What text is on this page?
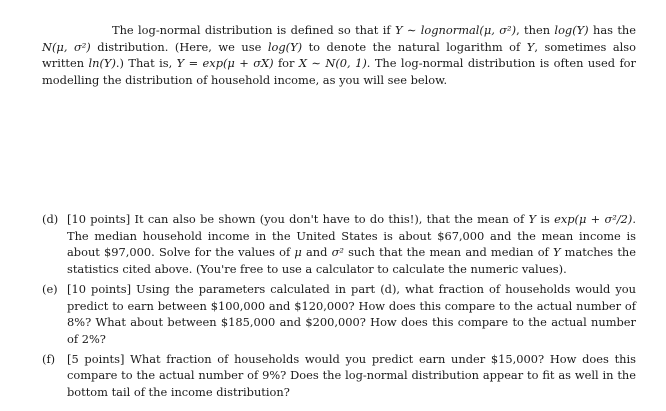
The log-normal distribution is defined so that if Y ∼ lognormal(μ, σ²), then log(Y) has the N(μ, σ²) distribution. (Here, we use log(Y) to denote the natural logarithm of Y, sometimes also written ln(Y).) That is, Y = exp(μ + σX) for X ∼ N(0, 1). The log-normal distribution is often used for modelling the distribution of household income, as you will see below.

(d) [10 points] It can also be shown (you don't have to do this!), that the mean of Y is exp(μ + σ²/2). The median household income in the United States is about $67,000 and the mean income is about $97,000. Solve for the values of μ and σ² such that the mean and median of Y matches the statistics cited above. (You're free to use a calculator to calculate the numeric values).
(e) [10 points] Using the parameters calculated in part (d), what fraction of households would you predict to earn between $100,000 and $120,000? How does this compare to the actual number of 8%? What about between $185,000 and $200,000? How does this compare to the actual number of 2%?
(f) [5 points] What fraction of households would you predict earn under $15,000? How does this compare to the actual number of 9%? Does the log-normal distribution appear to fit as well in the bottom tail of the income distribution?
